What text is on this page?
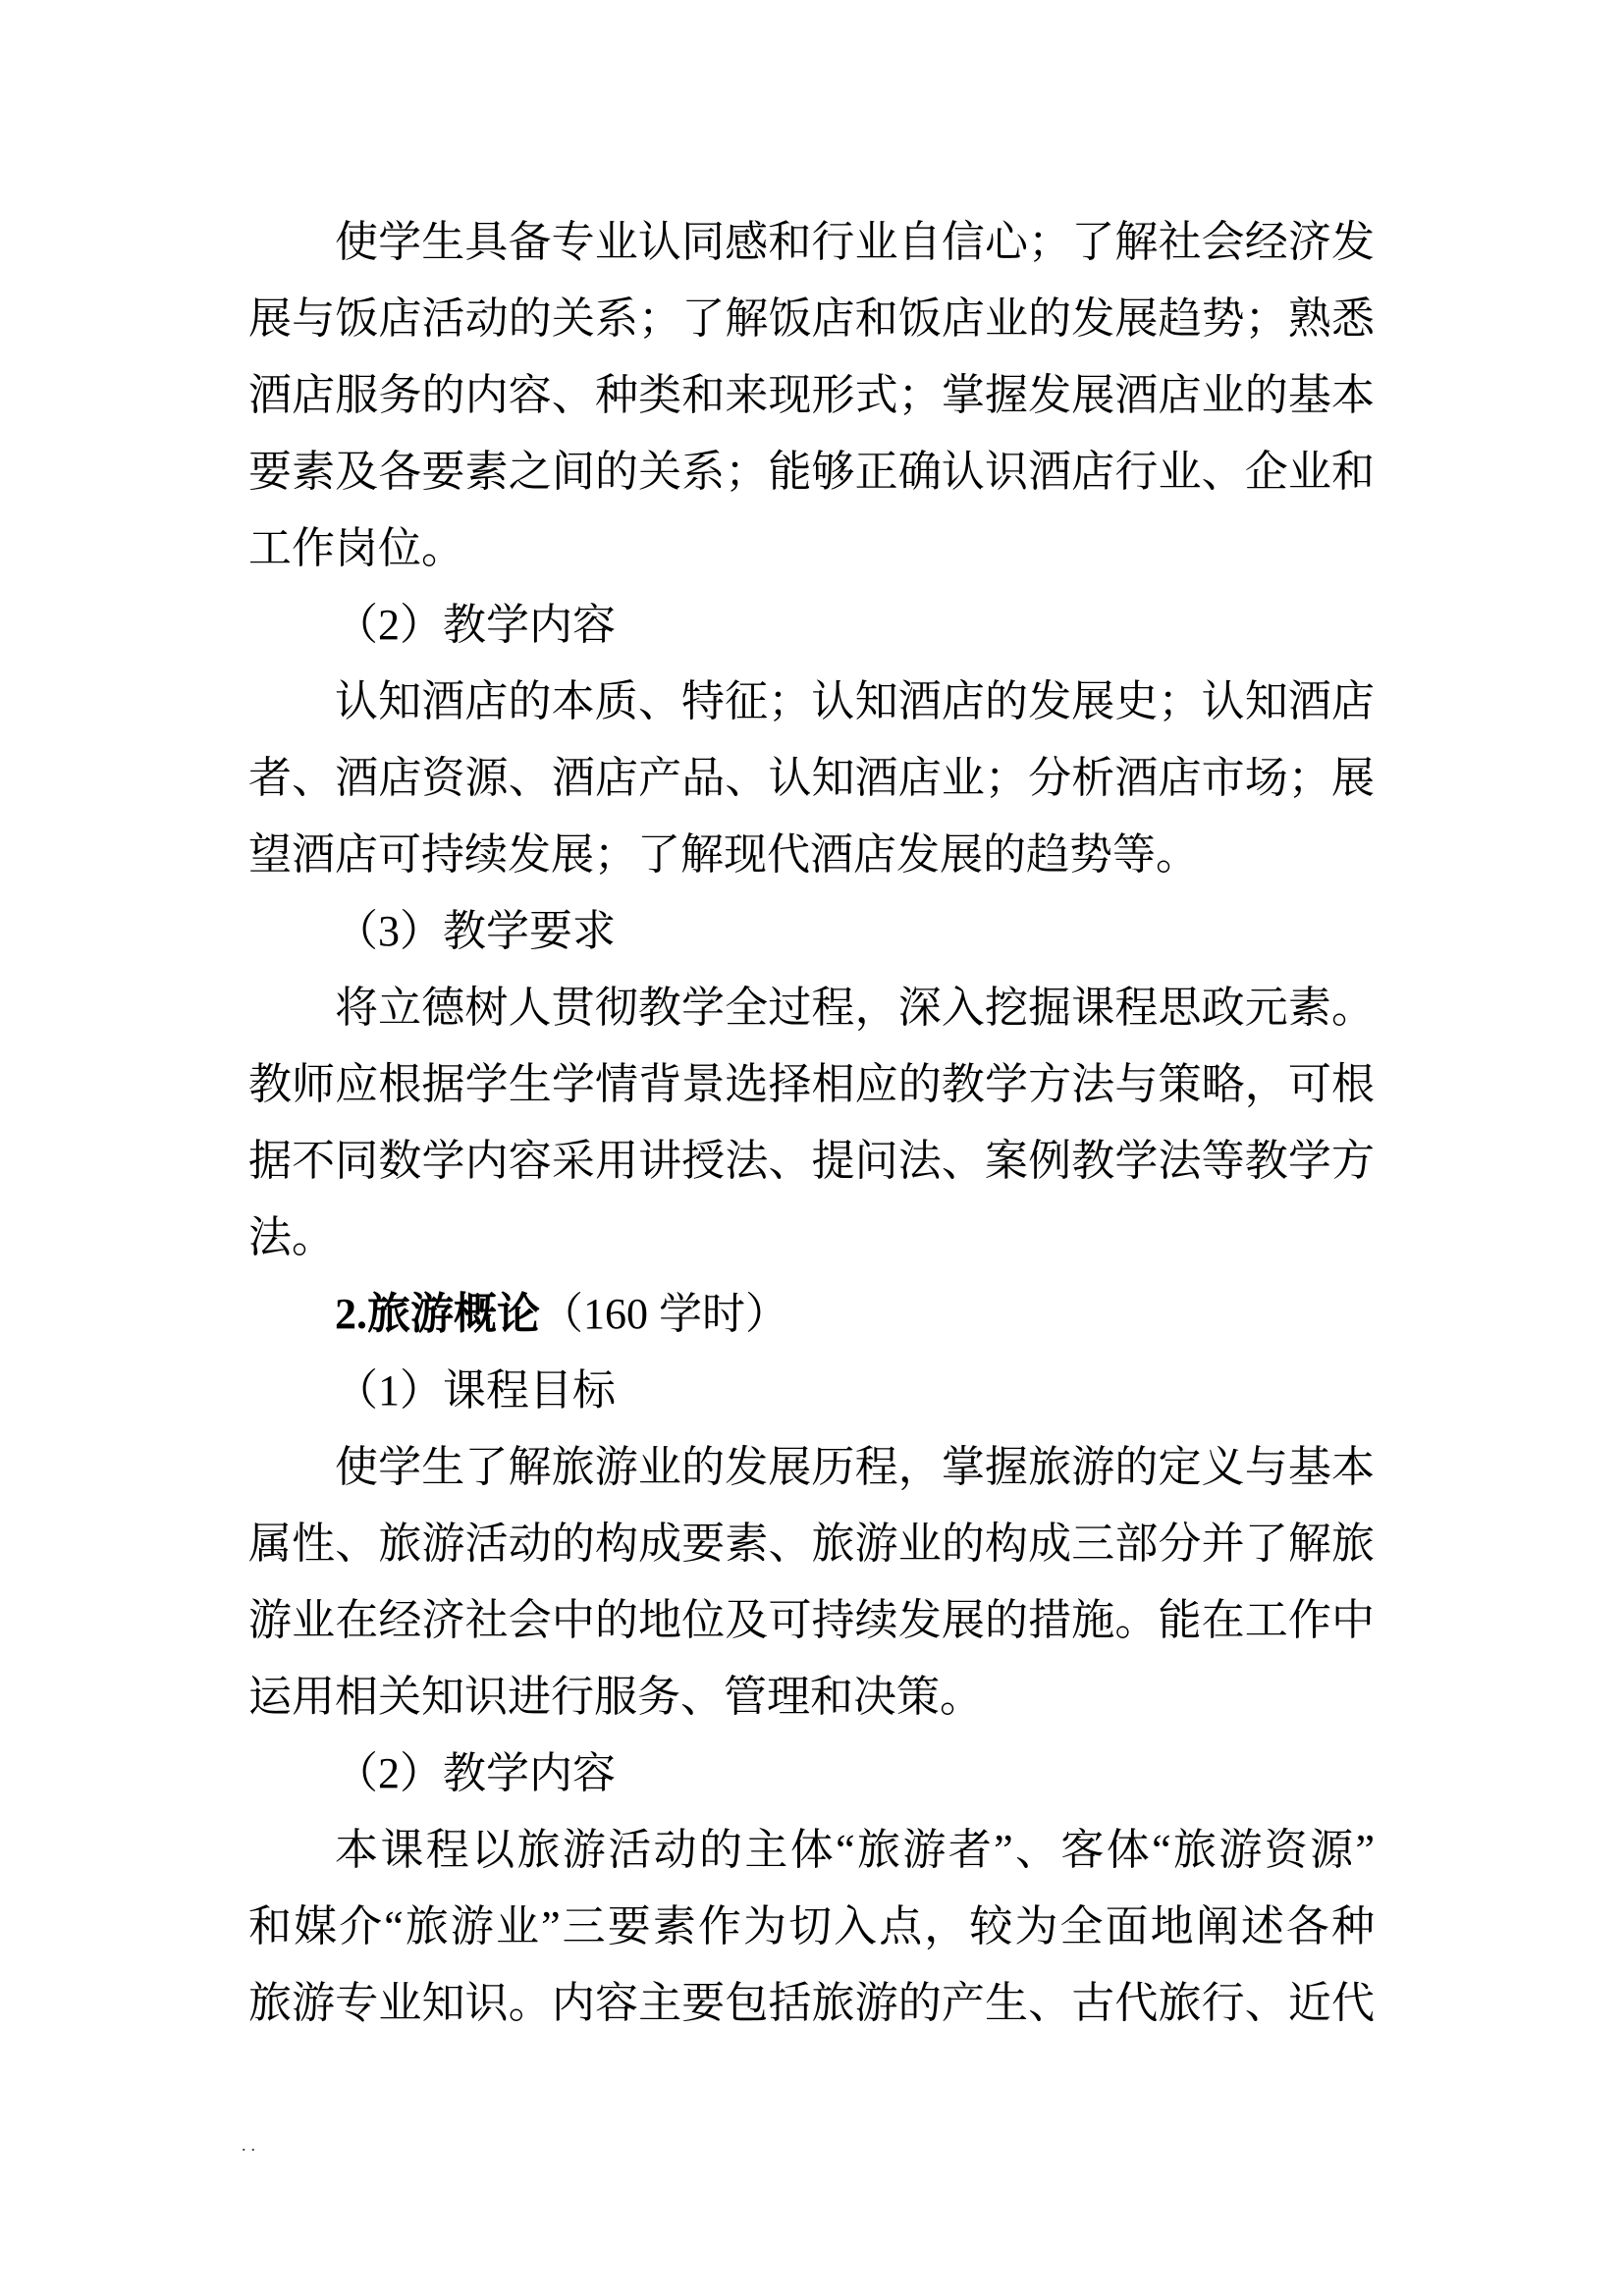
使学生具备专业认同感和行业自信心；了解社会经济发
展与饭店活动的关系；了解饭店和饭店业的发展趋势；熟悉
酒店服务的内容、种类和来现形式；掌握发展酒店业的基本
要素及各要素之间的关系；能够正确认识酒店行业、企业和
工作岗位。
（2）教学内容
认知酒店的本质、特征；认知酒店的发展史；认知酒店
者、酒店资源、酒店产品、认知酒店业；分析酒店市场；展
望酒店可持续发展；了解现代酒店发展的趋势等。
（3）教学要求
将立德树人贯彻教学全过程，深入挖掘课程思政元素。
教师应根据学生学情背景选择相应的教学方法与策略，可根
据不同数学内容采用讲授法、提问法、案例教学法等教学方
法。
2.旅游概论（160 学时）
（1）课程目标
使学生了解旅游业的发展历程，掌握旅游的定义与基本
属性、旅游活动的构成要素、旅游业的构成三部分并了解旅
游业在经济社会中的地位及可持续发展的措施。能在工作中
运用相关知识进行服务、管理和决策。
（2）教学内容
本课程以旅游活动的主体“旅游者”、客体“旅游资源”
和媒介“旅游业”三要素作为切入点，较为全面地阐述各种
旅游专业知识。内容主要包括旅游的产生、古代旅行、近代
..
